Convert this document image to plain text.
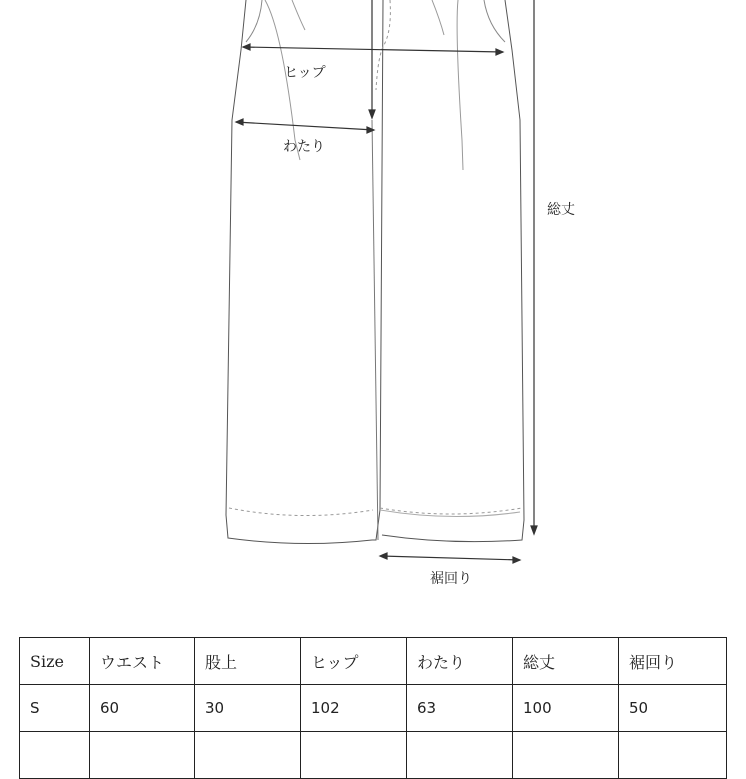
ヒップ
わたり
総丈
裾回り
Size	ウエスト	股上	ヒップ	わたり	総丈	裾回り
S	60	30	102	63	100	50
